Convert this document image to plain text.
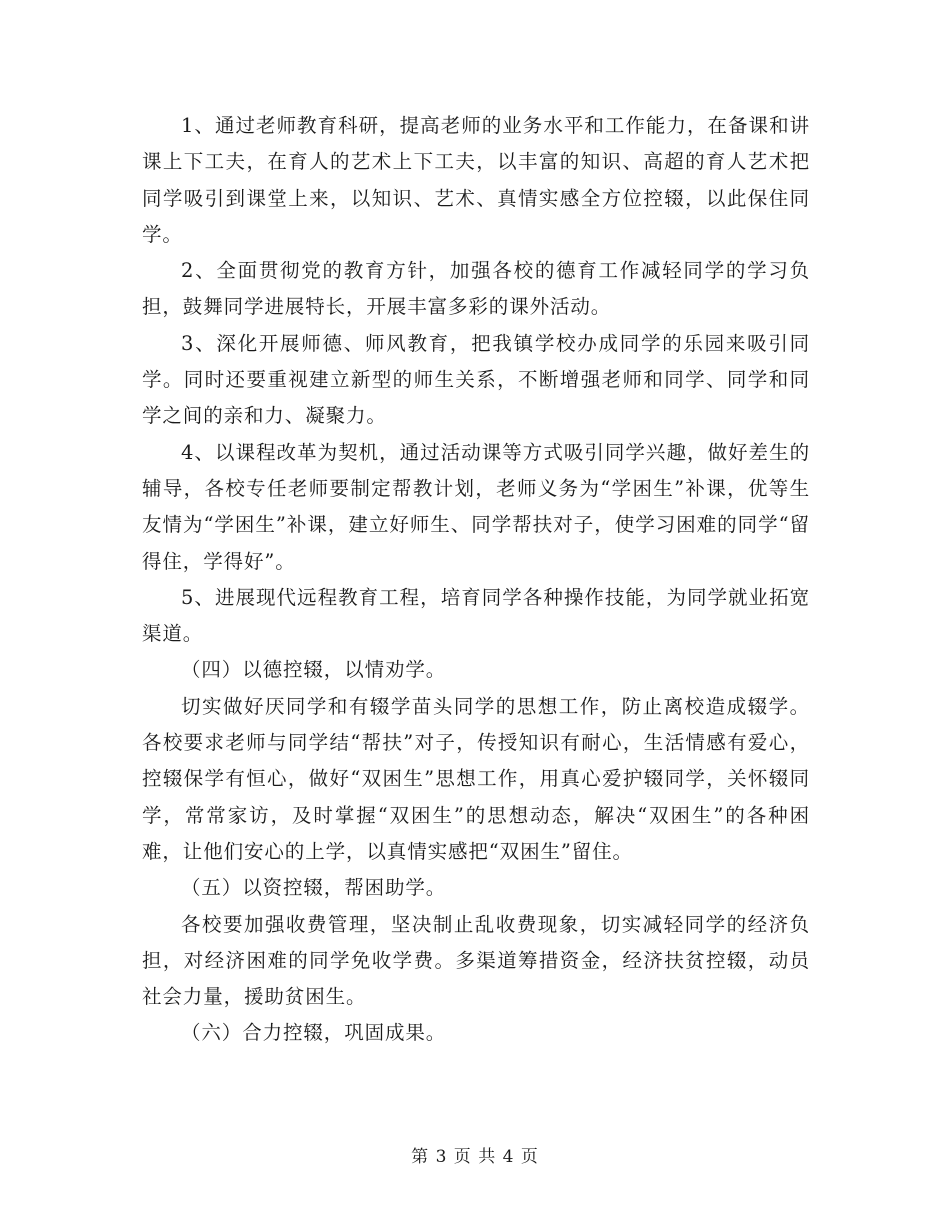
1、通过老师教育科研，提高老师的业务水平和工作能力，在备课和讲课上下工夫，在育人的艺术上下工夫，以丰富的知识、高超的育人艺术把同学吸引到课堂上来，以知识、艺术、真情实感全方位控辍，以此保住同学。

2、全面贯彻党的教育方针，加强各校的德育工作减轻同学的学习负担，鼓舞同学进展特长，开展丰富多彩的课外活动。

3、深化开展师德、师风教育，把我镇学校办成同学的乐园来吸引同学。同时还要重视建立新型的师生关系，不断增强老师和同学、同学和同学之间的亲和力、凝聚力。

4、以课程改革为契机，通过活动课等方式吸引同学兴趣，做好差生的辅导，各校专任老师要制定帮教计划，老师义务为“学困生”补课，优等生友情为“学困生”补课，建立好师生、同学帮扶对子，使学习困难的同学“留得住，学得好”。

5、进展现代远程教育工程，培育同学各种操作技能，为同学就业拓宽渠道。

（四）以德控辍，以情劝学。

切实做好厌同学和有辍学苗头同学的思想工作，防止离校造成辍学。各校要求老师与同学结“帮扶”对子，传授知识有耐心，生活情感有爱心，控辍保学有恒心，做好“双困生”思想工作，用真心爱护辍同学，关怀辍同学，常常家访，及时掌握“双困生”的思想动态，解决“双困生”的各种困难，让他们安心的上学，以真情实感把“双困生”留住。

（五）以资控辍，帮困助学。

各校要加强收费管理，坚决制止乱收费现象，切实减轻同学的经济负担，对经济困难的同学免收学费。多渠道筹措资金，经济扶贫控辍，动员社会力量，援助贫困生。

（六）合力控辍，巩固成果。

第 3 页 共 4 页
